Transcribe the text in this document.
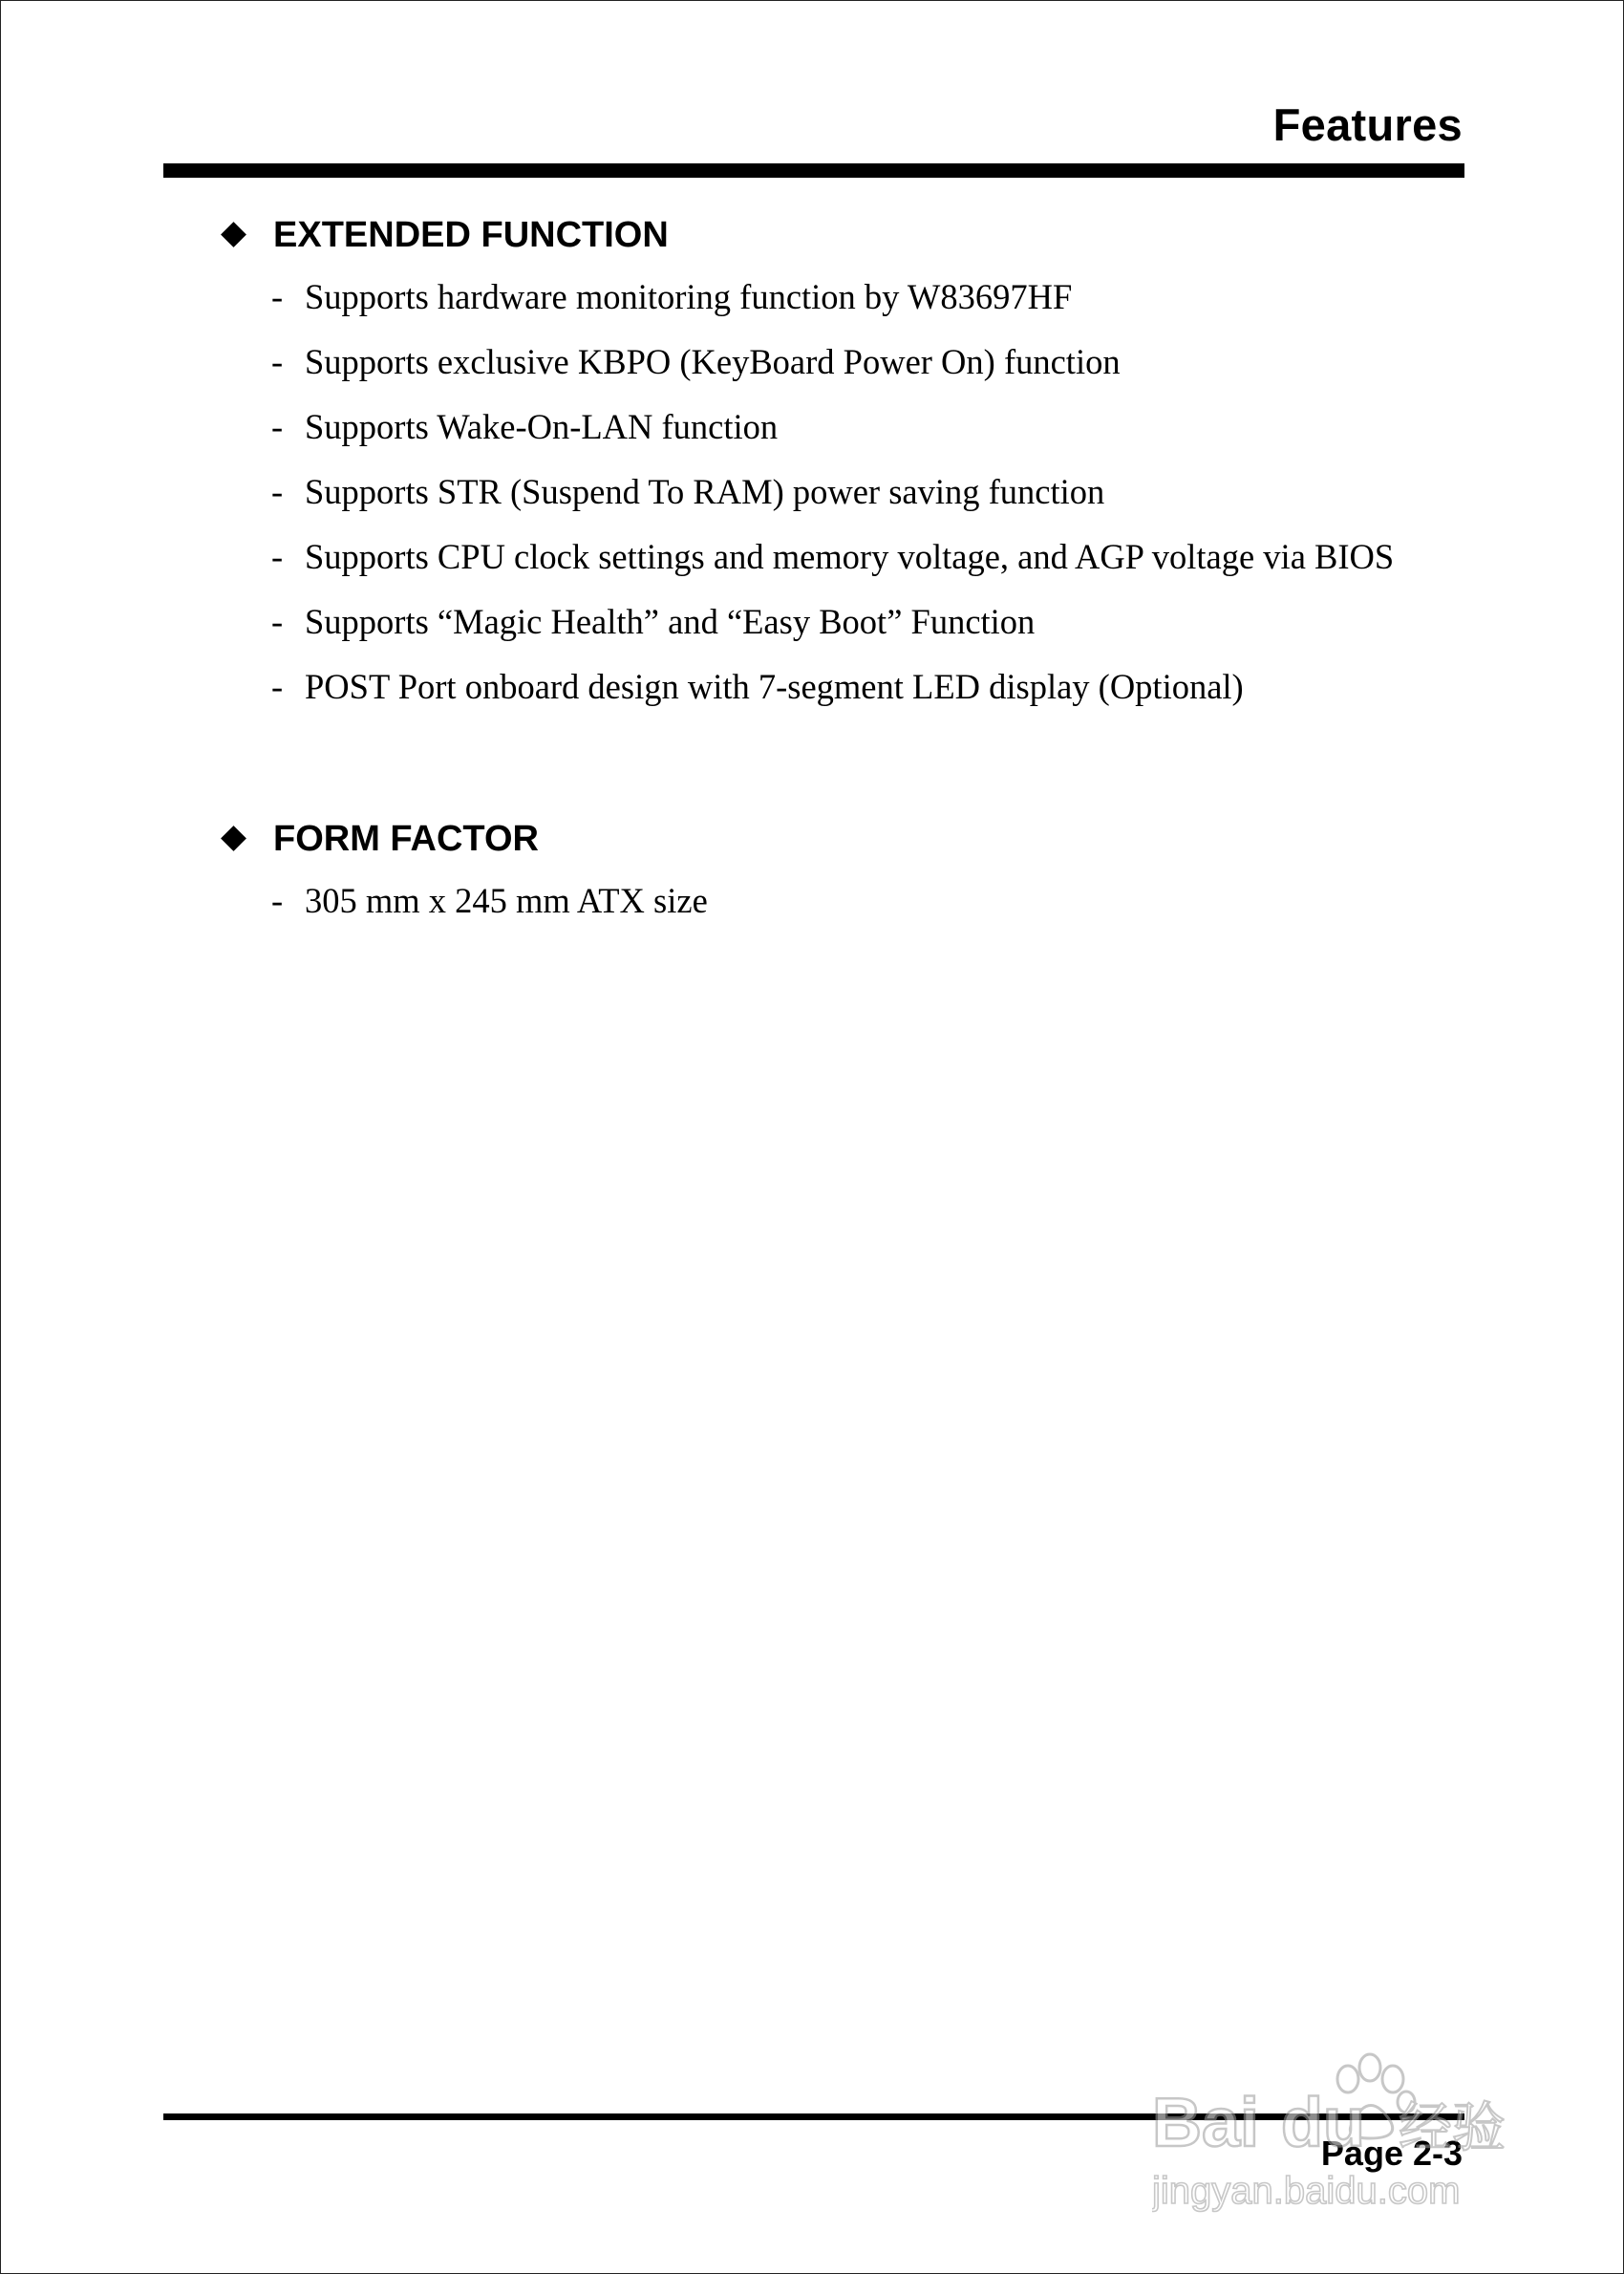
Features
EXTENDED FUNCTION
- Supports hardware monitoring function by W83697HF
- Supports exclusive KBPO (KeyBoard Power On) function
- Supports Wake-On-LAN function
- Supports STR (Suspend To RAM) power saving function
- Supports CPU clock settings and memory voltage, and AGP voltage via BIOS
- Supports “Magic Health” and “Easy Boot” Function
- POST Port onboard design with 7-segment LED display (Optional)
FORM FACTOR
- 305 mm x 245 mm ATX size
Page 2-3
Bai du 经验
jingyan.baidu.com
